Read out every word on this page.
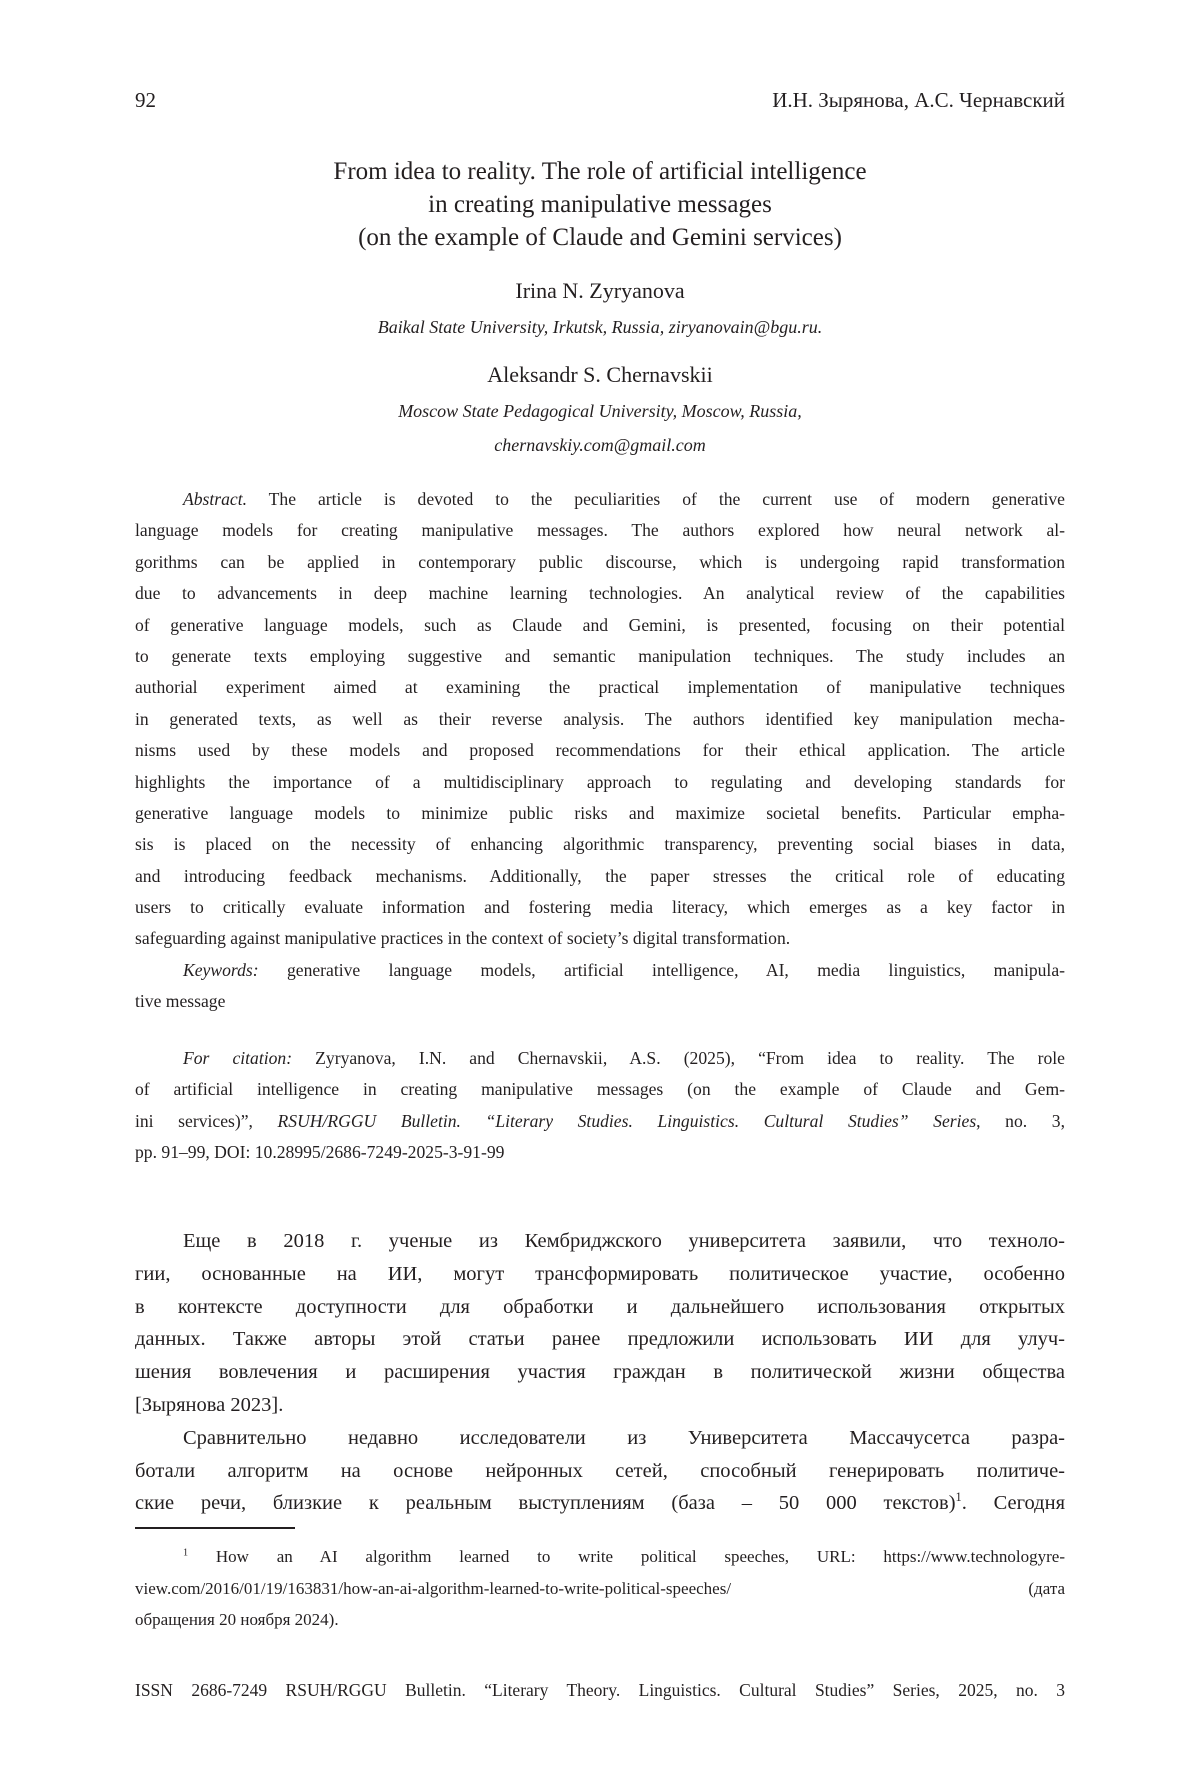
92	И.Н. Зырянова, А.С. Чернавский
From idea to reality. The role of artificial intelligence
in creating manipulative messages
(on the example of Claude and Gemini services)
Irina N. Zyryanova
Baikal State University, Irkutsk, Russia, ziryanovain@bgu.ru.
Aleksandr S. Chernavskii
Moscow State Pedagogical University, Moscow, Russia,
chernavskiy.com@gmail.com
Abstract. The article is devoted to the peculiarities of the current use of modern generative
language models for creating manipulative messages. The authors explored how neural network al-
gorithms can be applied in contemporary public discourse, which is undergoing rapid transformation
due to advancements in deep machine learning technologies. An analytical review of the capabilities
of generative language models, such as Claude and Gemini, is presented, focusing on their potential
to generate texts employing suggestive and semantic manipulation techniques. The study includes an
authorial experiment aimed at examining the practical implementation of manipulative techniques
in generated texts, as well as their reverse analysis. The authors identified key manipulation mecha-
nisms used by these models and proposed recommendations for their ethical application. The article
highlights the importance of a multidisciplinary approach to regulating and developing standards for
generative language models to minimize public risks and maximize societal benefits. Particular empha-
sis is placed on the necessity of enhancing algorithmic transparency, preventing social biases in data,
and introducing feedback mechanisms. Additionally, the paper stresses the critical role of educating
users to critically evaluate information and fostering media literacy, which emerges as a key factor in
safeguarding against manipulative practices in the context of society’s digital transformation.
Keywords: generative language models, artificial intelligence, AI, media linguistics, manipula-
tive message
For citation: Zyryanova, I.N. and Chernavskii, A.S. (2025), “From idea to reality. The role
of artificial intelligence in creating manipulative messages (on the example of Claude and Gem-
ini services)”, RSUH/RGGU Bulletin. “Literary Studies. Linguistics. Cultural Studies” Series, no. 3,
pp. 91–99, DOI: 10.28995/2686-7249-2025-3-91-99
Еще в 2018 г. ученые из Кембриджского университета заявили, что техноло-
гии, основанные на ИИ, могут трансформировать политическое участие, особенно
в контексте доступности для обработки и дальнейшего использования открытых
данных. Также авторы этой статьи ранее предложили использовать ИИ для улуч-
шения вовлечения и расширения участия граждан в политической жизни общества
[Зырянова 2023].
Сравнительно недавно исследователи из Университета Массачусетса разра-
ботали алгоритм на основе нейронных сетей, способный генерировать политиче-
ские речи, близкие к реальным выступлениям (база – 50 000 текстов)1. Сегодня
1 How an AI algorithm learned to write political speeches, URL: https://www.technologyre-
view.com/2016/01/19/163831/how-an-ai-algorithm-learned-to-write-political-speeches/ (дата
обращения 20 ноября 2024).
ISSN 2686-7249 RSUH/RGGU Bulletin. “Literary Theory. Linguistics. Cultural Studies” Series, 2025, no. 3
